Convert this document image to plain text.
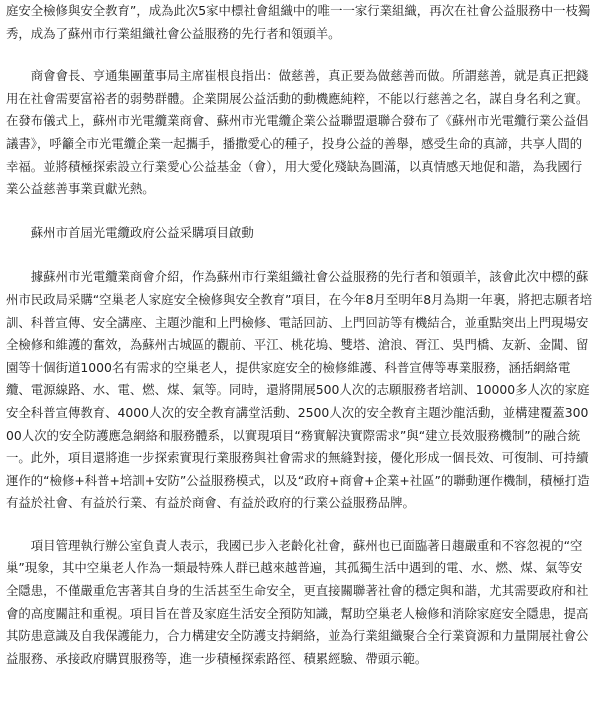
庭安全檢修與安全教育”，成為此次5家中標社會組織中的唯一一家行業組織，再次在社會公益服務中一枝獨秀，成為了蘇州市行業組織社會公益服務的先行者和領頭羊。

商會會長、亨通集團董事局主席崔根良指出：做慈善，真正要為做慈善而做。所謂慈善，就是真正把錢用在社會需要富裕者的弱勢群體。企業開展公益活動的動機應純粹，不能以行慈善之名，謀自身名利之實。在發布儀式上，蘇州市光電纜業商會、蘇州市光電纜企業公益聯盟還聯合發布了《蘇州市光電纜行業公益倡議書》，呼籲全市光電纜企業一起攜手，播撒愛心的種子，投身公益的善舉，感受生命的真諦，共享人間的幸福。並將積極探索設立行業愛心公益基金（會），用大愛化殘缺為圓滿，以真情感天地促和諧，為我國行業公益慈善事業貢獻光熱。

蘇州市首屆光電纜政府公益采購項目啟動

據蘇州市光電纜業商會介紹，作為蘇州市行業組織社會公益服務的先行者和領頭羊，該會此次中標的蘇州市民政局采購“空巢老人家庭安全檢修與安全教育”項目，在今年8月至明年8月為期一年裏，將把志願者培訓、科普宣傳、安全講座、主題沙龍和上門檢修、電話回訪、上門回訪等有機結合，並重點突出上門現場安全檢修和維護的奮效，為蘇州古城區的觀前、平江、桃花塢、雙塔、滄浪、胥江、吳門橋、友新、金閶、留園等十個街道1000名有需求的空巢老人，提供家庭安全的檢修維護、科普宣傳等專業服務，涵括網絡電纜、電源線路、水、電、燃、煤、氣等。同時，還將開展500人次的志願服務者培訓、10000多人次的家庭安全科普宣傳教育、4000人次的安全教育講堂活動、2500人次的安全教育主題沙龍活動，並構建覆蓋30000人次的安全防護應急網絡和服務體系，以實現項目“務實解決實際需求”與“建立長效服務機制”的融合統一。此外，項目還將進一步探索實現行業服務與社會需求的無縫對接，優化形成一個長效、可復制、可持續運作的“檢修+科普+培訓+安防”公益服務模式，以及“政府+商會+企業+社區”的聯動運作機制，積極打造有益於社會、有益於行業、有益於商會、有益於政府的行業公益服務品牌。

項目管理執行辦公室負責人表示，我國已步入老齡化社會，蘇州也已面臨著日趨嚴重和不容忽視的“空巢”現象，其中空巢老人作為一類最特殊人群已越來越普遍，其孤獨生活中遇到的電、水、燃、煤、氣等安全隱患，不僅嚴重危害著其自身的生活甚至生命安全，更直接關聯著社會的穩定與和諧，尤其需要政府和社會的高度關註和重視。項目旨在普及家庭生活安全預防知識，幫助空巢老人檢修和消除家庭安全隱患，提高其防患意識及自我保護能力，合力構建安全防護支持網絡，並為行業組織聚合全行業資源和力量開展社會公益服務、承接政府購買服務等，進一步積極探索路徑、積累經驗、帶頭示範。
